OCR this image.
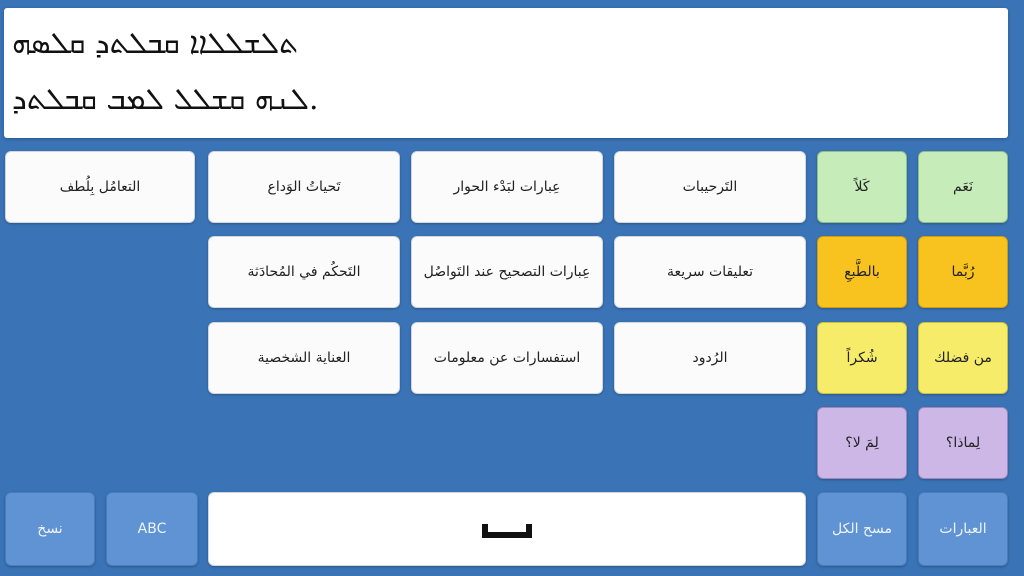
ܬܠܫܠܠܐܐ ܩܒܠܬܕ ܩܠܣܗ
ܠܢܗ ܩܫܠܠ ܠܡܒ ܩܒܠܬܕ.
التعامُل بِلُطف	تَحياتُ الوَداع	عِبارات لبَدْء الحوار	التَرحيبات	كَلاً	نَعَم
التَحكُم في المُحادَثة	عِبارات التصحيح عند التَواصُل	تعليقات سريعة	بالطَّبعِ	رُبَّما
العناية الشخصية	استفسارات عن معلومات	الرُدود	شُكراً	من فضلك
لِمَ لا؟	لِماذا؟
نسخ	ABC	مسح الكل	العبارات
